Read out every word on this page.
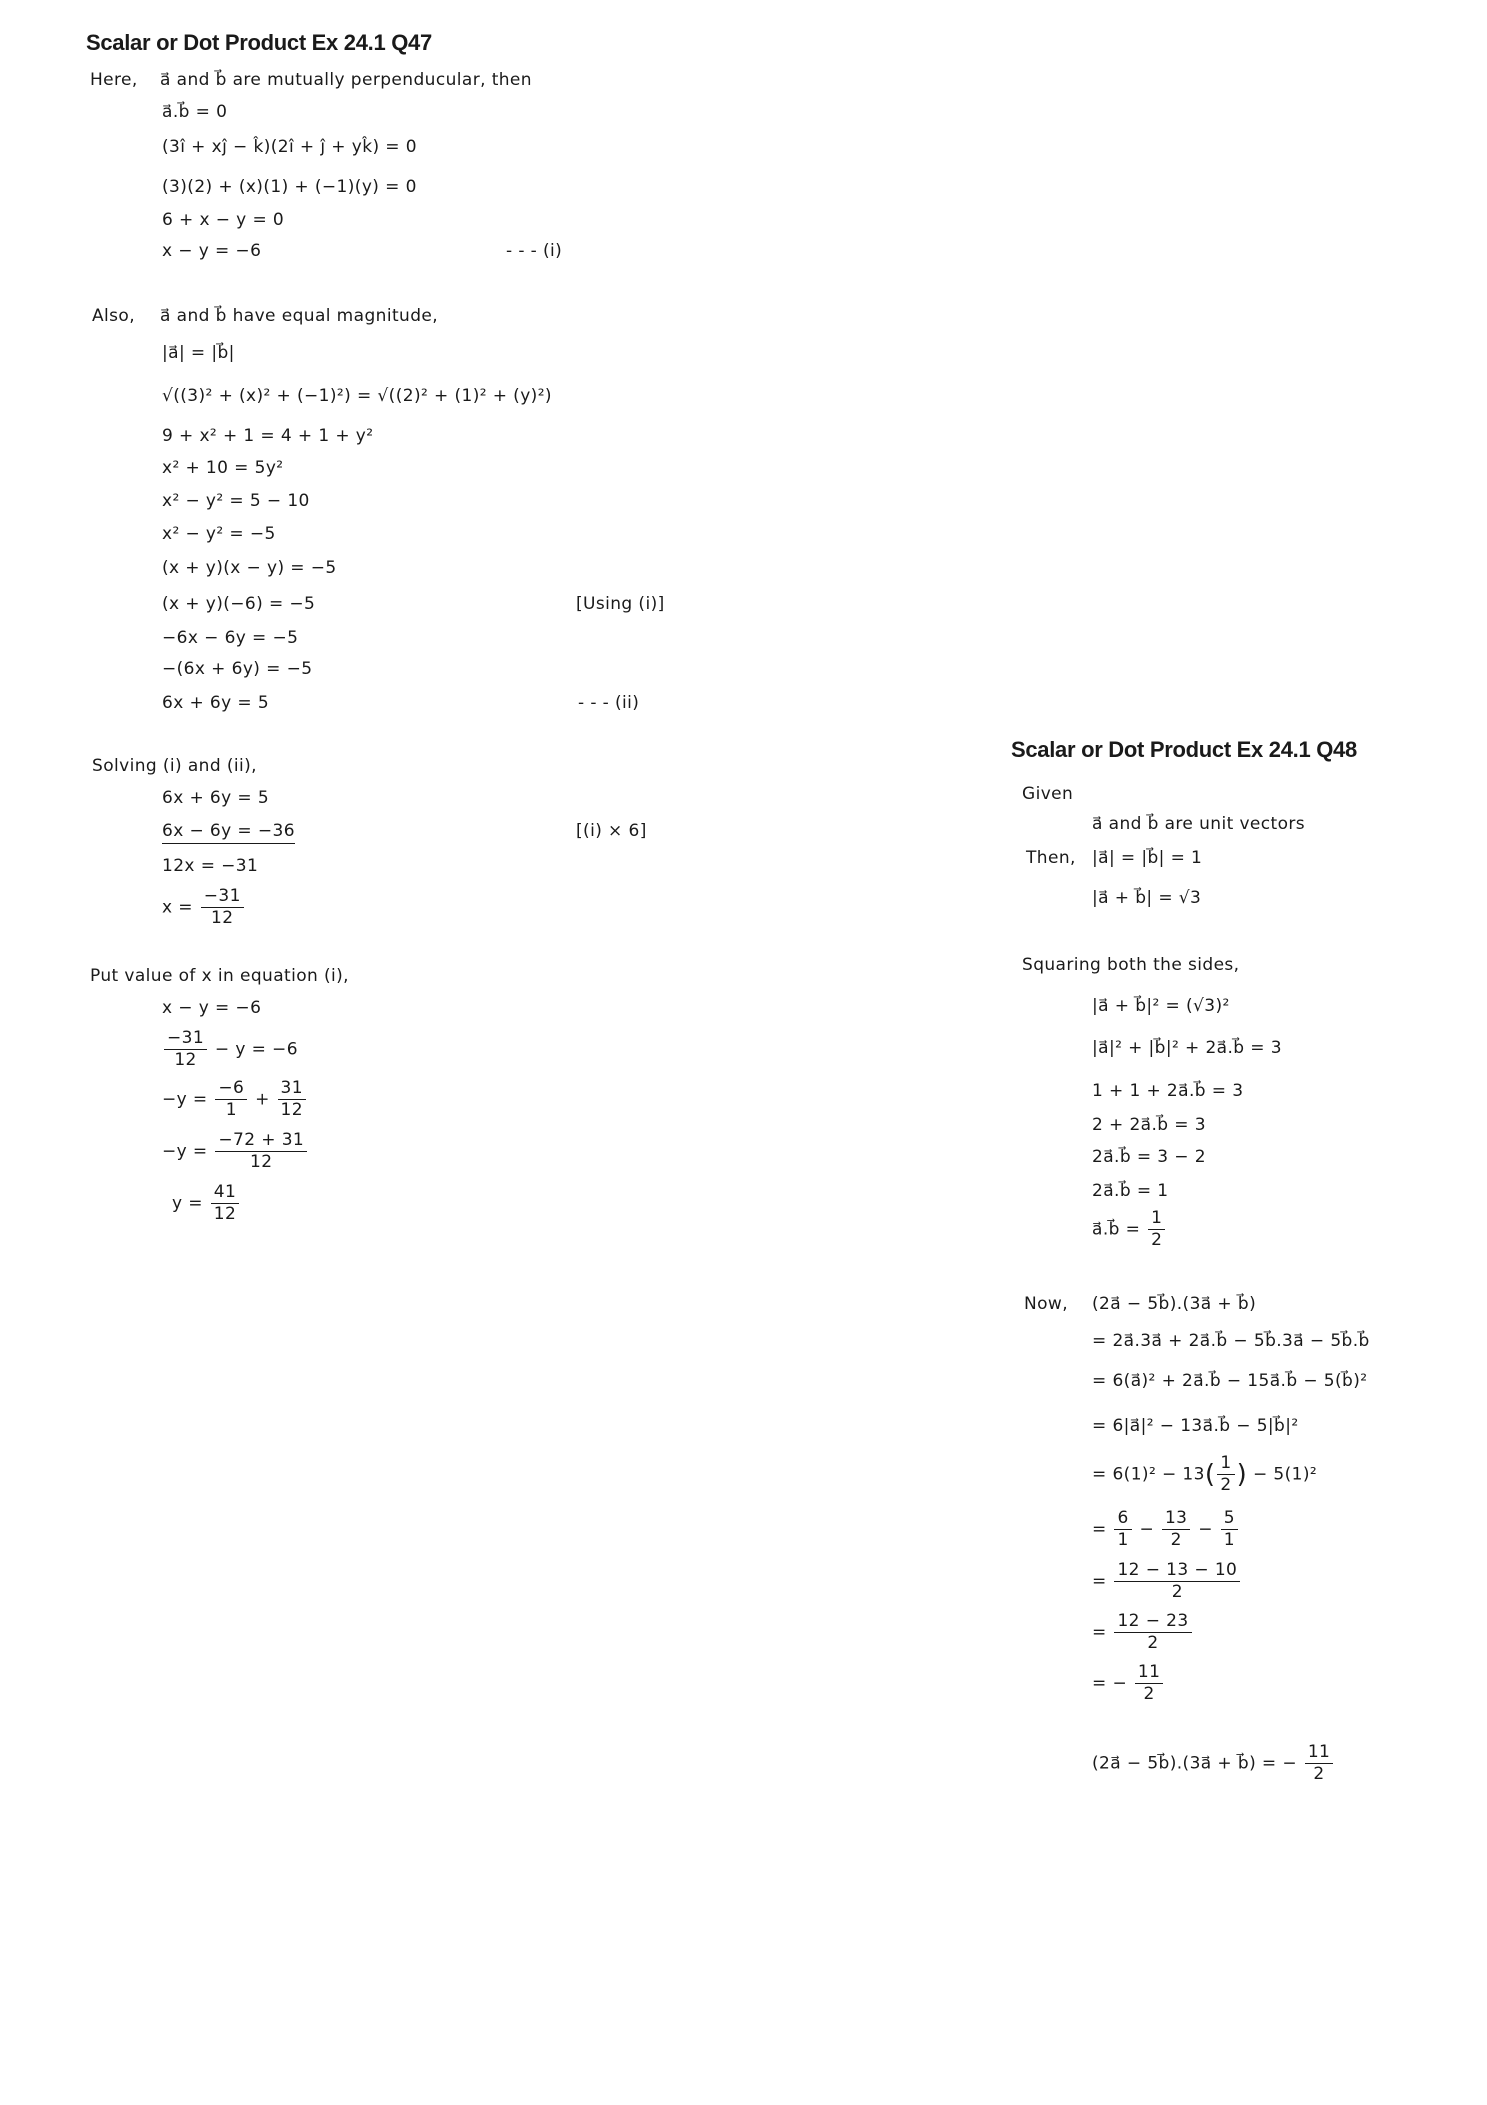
Scalar or Dot Product Ex 24.1 Q47
Here, a⃗ and b⃗ are mutually perpenducular, then
a⃗.b⃗ = 0
(3î + xĵ − k̂)(2î + ĵ + yk̂) = 0
(3)(2) + (x)(1) + (−1)(y) = 0
6 + x − y = 0
x − y = −6	- - - (i)
Also, a⃗ and b⃗ have equal magnitude,
|a⃗| = |b⃗|
√((3)² + (x)² + (−1)²) = √((2)² + (1)² + (y)²)
9 + x² + 1 = 4 + 1 + y²
x² + 10 = 5y²
x² − y² = 5 − 10
x² − y² = −5
(x + y)(x − y) = −5
(x + y)(−6) = −5	[Using (i)]
−6x − 6y = −5
−(6x + 6y) = −5
6x + 6y = 5	- - - (ii)
Solving (i) and (ii),
6x + 6y = 5
6x − 6y = −36	[(i) × 6]
12x = −31
$x = \frac{-31}{12}$
Put value of x in equation (i),
x − y = −6
$\frac{-31}{12} - y = -6$
$-y = \frac{-6}{1} + \frac{31}{12}$
$-y = \frac{-72 + 31}{12}$
$y = \frac{41}{12}$
Scalar or Dot Product Ex 24.1 Q48
Given
a⃗ and b⃗ are unit vectors
Then, |a⃗| = |b⃗| = 1
|a⃗ + b⃗| = √3
Squaring both the sides,
|a⃗ + b⃗|² = (√3)²
|a⃗|² + |b⃗|² + 2a⃗.b⃗ = 3
1 + 1 + 2a⃗.b⃗ = 3
2 + 2a⃗.b⃗ = 3
2a⃗.b⃗ = 3 − 2
2a⃗.b⃗ = 1
a⃗.b⃗ = $\frac{1}{2}$
Now, (2a⃗ − 5b⃗).(3a⃗ + b⃗)
= 2a⃗.3a⃗ + 2a⃗.b⃗ − 5b⃗.3a⃗ − 5b⃗.b⃗
= 6(a⃗)² + 2a⃗.b⃗ − 15a⃗.b⃗ − 5(b⃗)²
= 6|a⃗|² − 13a⃗.b⃗ − 5|b⃗|²
= $6(1)^2 - 13( \frac{1}{2}$ ) − 5(1)²
= $\frac{6}{1} - \frac{13}{2} - \frac{5}{1}$
= $\frac{12 - 13 - 10}{2}$
= $\frac{12 - 23}{2}$
= − $\frac{11}{2}$
(2a⃗ − 5b⃗).(3a⃗ + b⃗) = − $\frac{11}{2}$
